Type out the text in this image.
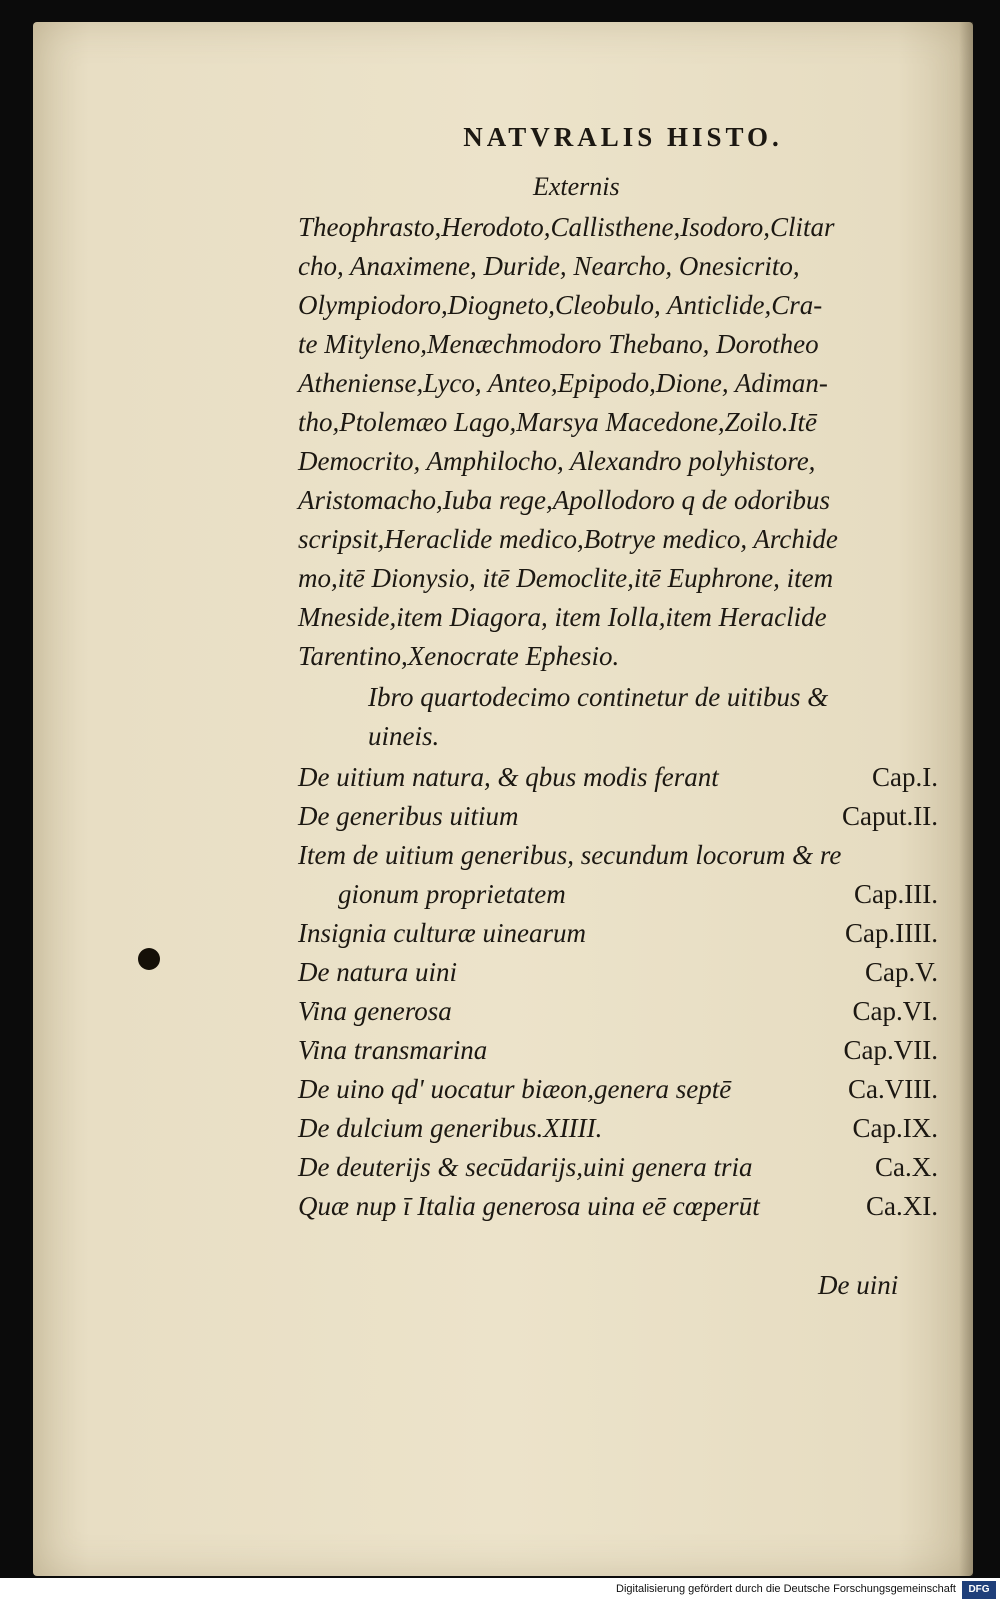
NATVRALIS HISTO.
Externis
Theophrasto,Herodoto,Callisthene,Isodoro,Clitar
cho, Anaximene, Duride, Nearcho, Onesicrito,
Olympiodoro,Diogneto,Cleobulo, Anticlide,Cra-
te Mityleno,Menæchmodoro Thebano, Dorotheo
Atheniense,Lyco, Anteo,Epipodo,Dione, Adiman-
tho,Ptolemæo Lago,Marsya Macedone,Zoilo.Itē
Democrito, Amphilocho, Alexandro polyhistore,
Aristomacho,Iuba rege,Apollodoro q de odoribus
scripsit,Heraclide medico,Botrye medico, Archide
mo,itē Dionysio, itē Democlite,itē Euphrone, item
Mneside,item Diagora, item Iolla,item Heraclide
Tarentino,Xenocrate Ephesio.
Ibro quartodecimo continetur de uitibus &
uineis.
De uitium natura, & qbus modis ferant	Cap.I.
De generibus uitium	Caput.II.
Item de uitium generibus, secundum locorum & re
gionum proprietatem	Cap.III.
Insignia culturæ uinearum	Cap.IIII.
De natura uini	Cap.V.
Vina generosa	Cap.VI.
Vina transmarina	Cap.VII.
De uino qd' uocatur biæon,genera septē	Ca.VIII.
De dulcium generibus.XIIII.	Cap.IX.
De deuterijs & secūdarijs,uini genera tria	Ca.X.
Quæ nup ī Italia generosa uina eē cœperūt	Ca.XI.
De uini
Digitalisierung gefördert durch die Deutsche Forschungsgemeinschaft	DFG
